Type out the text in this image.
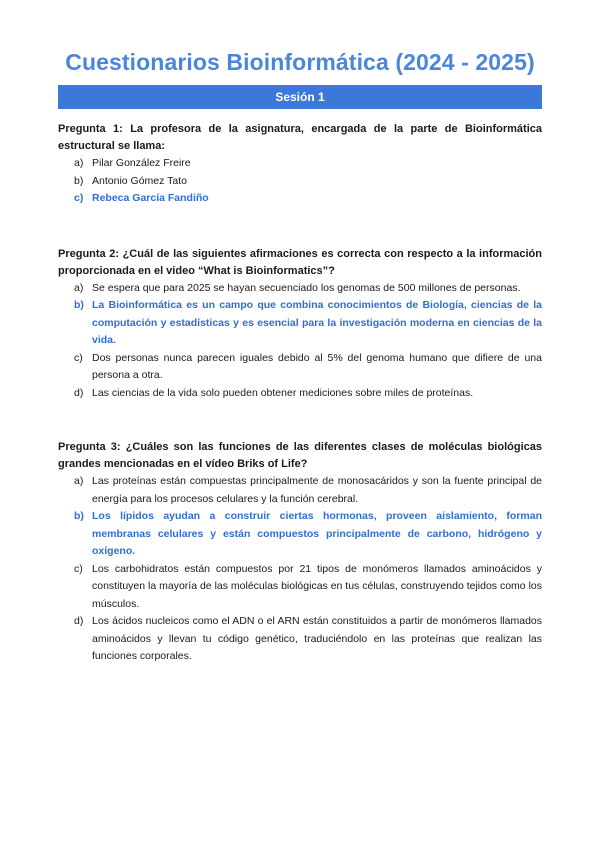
Cuestionarios Bioinformática (2024 - 2025)
Sesión 1
Pregunta 1: La profesora de la asignatura, encargada de la parte de Bioinformática estructural se llama:
a) Pilar González Freire
b) Antonio Gómez Tato
c) Rebeca García Fandiño
Pregunta 2: ¿Cuál de las siguientes afirmaciones es correcta con respecto a la información proporcionada en el video “What is Bioinformatics”?
a) Se espera que para 2025 se hayan secuenciado los genomas de 500 millones de personas.
b) La Bioinformática es un campo que combina conocimientos de Biología, ciencias de la computación y estadísticas y es esencial para la investigación moderna en ciencias de la vida.
c) Dos personas nunca parecen iguales debido al 5% del genoma humano que difiere de una persona a otra.
d) Las ciencias de la vida solo pueden obtener mediciones sobre miles de proteínas.
Pregunta 3: ¿Cuáles son las funciones de las diferentes clases de moléculas biológicas grandes mencionadas en el vídeo Briks of Life?
a) Las proteínas están compuestas principalmente de monosacáridos y son la fuente principal de energía para los procesos celulares y la función cerebral.
b) Los lípidos ayudan a construir ciertas hormonas, proveen aislamiento, forman membranas celulares y están compuestos principalmente de carbono, hidrógeno y oxígeno.
c) Los carbohidratos están compuestos por 21 tipos de monómeros llamados aminoácidos y constituyen la mayoría de las moléculas biológicas en tus células, construyendo tejidos como los músculos.
d) Los ácidos nucleicos como el ADN o el ARN están constituidos a partir de monómeros llamados aminoácidos y llevan tu código genético, traduciéndolo en las proteínas que realizan las funciones corporales.
